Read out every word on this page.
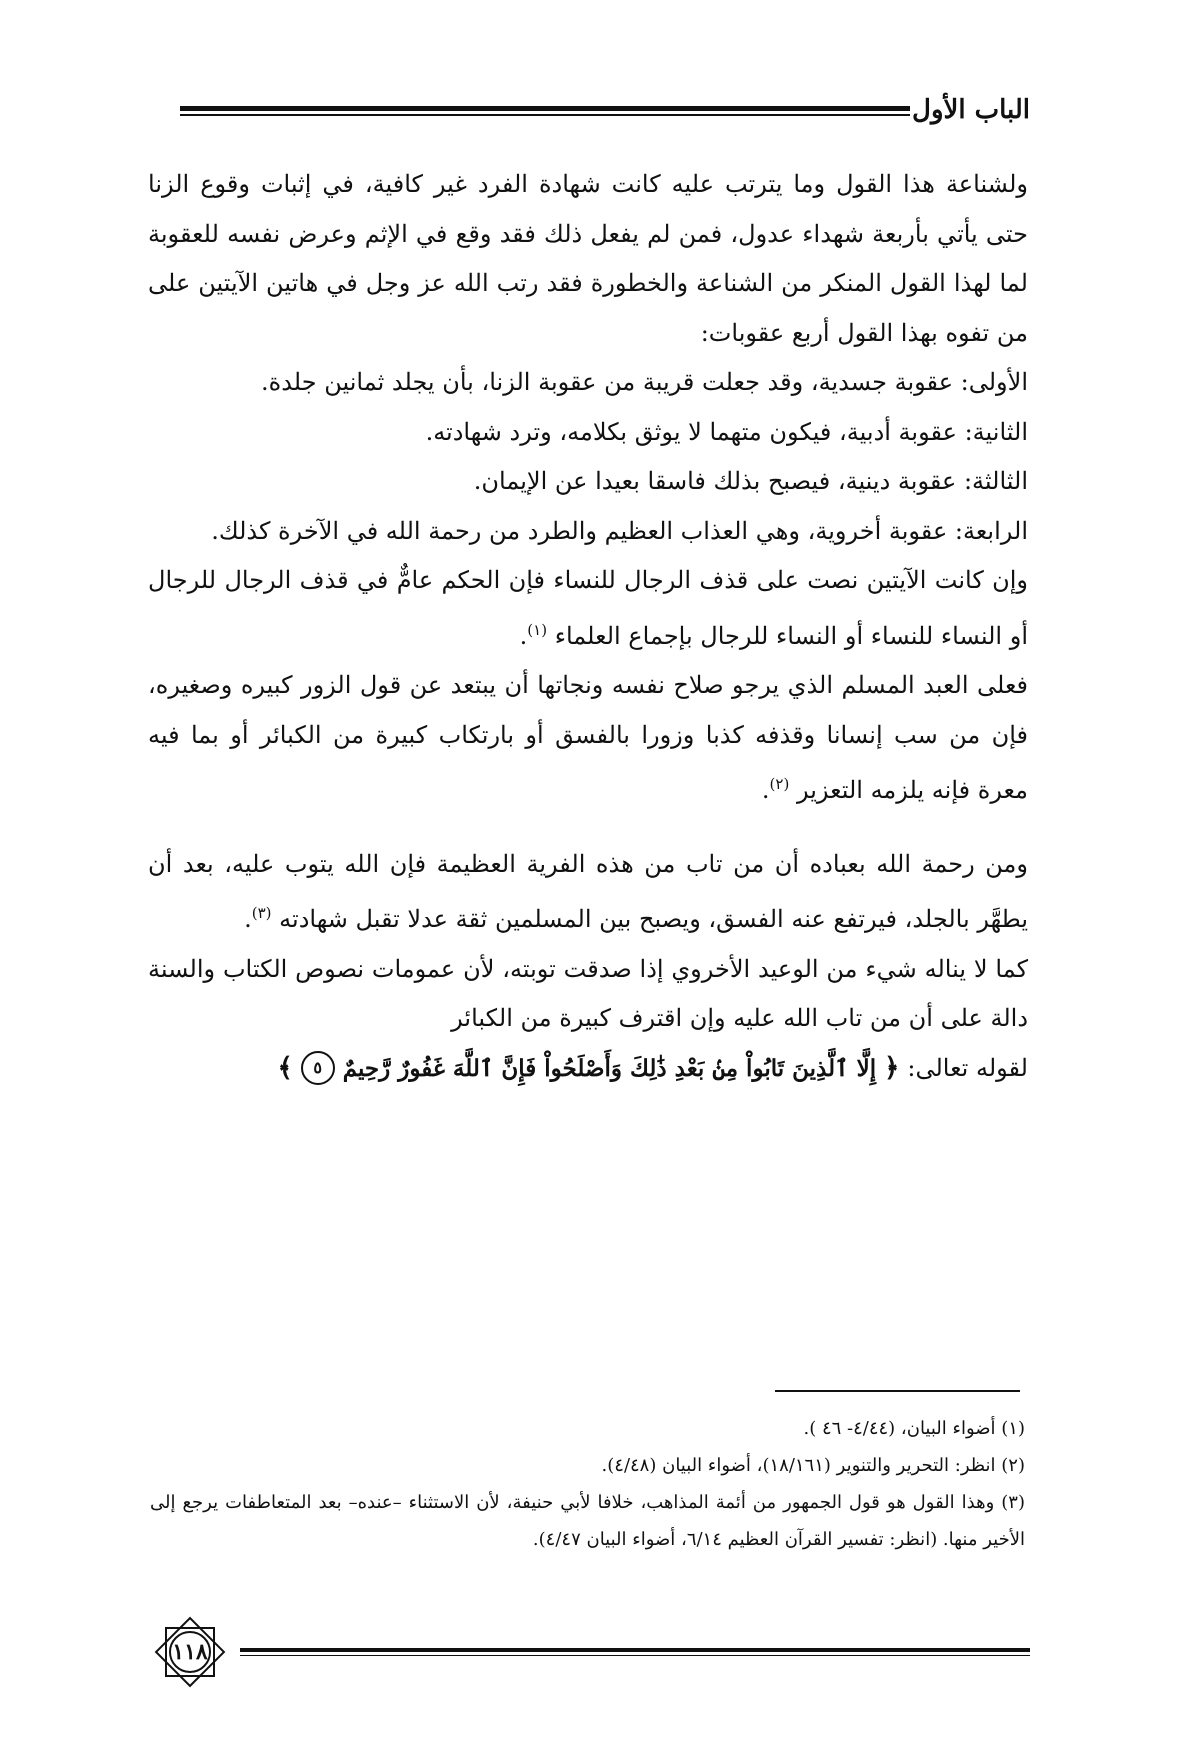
الباب الأول

ولشناعة هذا القول وما يترتب عليه كانت شهادة الفرد غير كافية، في إثبات وقوع الزنا حتى يأتي بأربعة شهداء عدول، فمن لم يفعل ذلك فقد وقع في الإثم وعرض نفسه للعقوبة لما لهذا القول المنكر من الشناعة والخطورة فقد رتب الله عز وجل في هاتين الآيتين على من تفوه بهذا القول أربع عقوبات:

الأولى: عقوبة جسدية، وقد جعلت قريبة من عقوبة الزنا، بأن يجلد ثمانين جلدة.

الثانية: عقوبة أدبية، فيكون متهما لا يوثق بكلامه، وترد شهادته.

الثالثة: عقوبة دينية، فيصبح بذلك فاسقا بعيدا عن الإيمان.

الرابعة: عقوبة أخروية، وهي العذاب العظيم والطرد من رحمة الله في الآخرة كذلك.

وإن كانت الآيتين نصت على قذف الرجال للنساء فإن الحكم عامٌّ في قذف الرجال للرجال أو النساء للنساء أو النساء للرجال بإجماع العلماء $^{(١)}$.

فعلى العبد المسلم الذي يرجو صلاح نفسه ونجاتها أن يبتعد عن قول الزور كبيره وصغيره، فإن من سب إنسانا وقذفه كذبا وزورا بالفسق أو بارتكاب كبيرة من الكبائر أو بما فيه معرة فإنه يلزمه التعزير $^{(٢)}$.

ومن رحمة الله بعباده أن من تاب من هذه الفرية العظيمة فإن الله يتوب عليه، بعد أن يطهَّر بالجلد، فيرتفع عنه الفسق، ويصبح بين المسلمين ثقة عدلا تقبل شهادته $^{(٣)}$.

كما لا يناله شيء من الوعيد الأخروي إذا صدقت توبته، لأن عمومات نصوص الكتاب والسنة دالة على أن من تاب الله عليه وإن اقترف كبيرة من الكبائر

لقوله تعالى:
﴿
إِلَّا ٱلَّذِينَ تَابُواْ مِنۢ بَعْدِ ذَٰلِكَ وَأَصْلَحُواْ فَإِنَّ ٱللَّهَ غَفُورٌ رَّحِيمٌ
٥
﴾

(١) أضواء البيان، (٤/٤٤- ٤٦ ).

(٢) انظر: التحرير والتنوير (١٨/١٦١)، أضواء البيان (٤/٤٨).

(٣) وهذا القول هو قول الجمهور من أئمة المذاهب، خلافا لأبي حنيفة، لأن الاستثناء –عنده– بعد المتعاطفات يرجع إلى الأخير منها. (انظر: تفسير القرآن العظيم ٦/١٤، أضواء البيان ٤/٤٧).

١١٨
